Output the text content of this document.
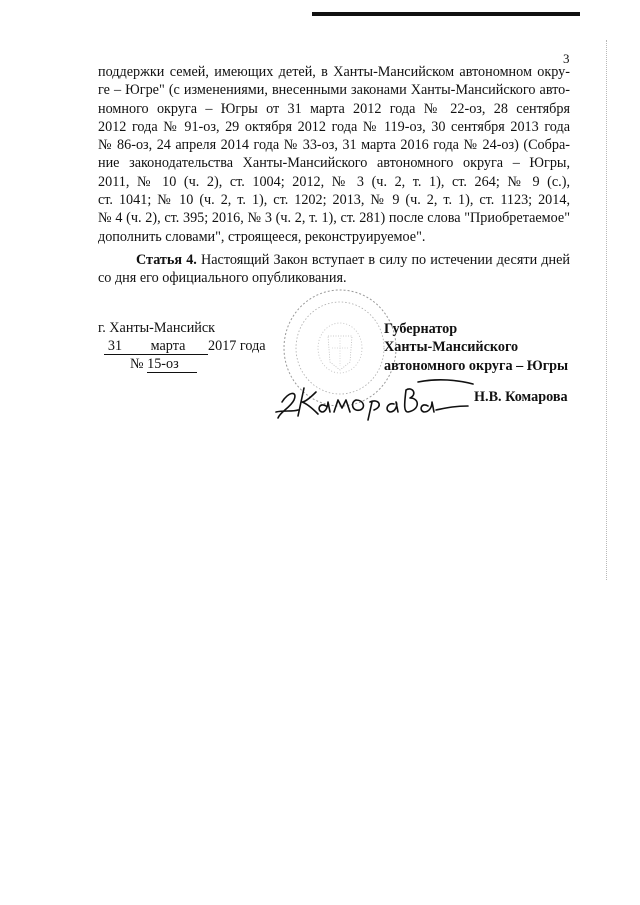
3

поддержки семей, имеющих детей, в Ханты-Мансийском автономном окру-
ге – Югре" (с изменениями, внесенными законами Ханты-Мансийского авто-
номного округа – Югры от 31 марта 2012 года № 22-оз, 28 сентября
2012 года № 91-оз, 29 октября 2012 года № 119-оз, 30 сентября 2013 года
№ 86-оз, 24 апреля 2014 года № 33-оз, 31 марта 2016 года № 24-оз) (Собра-
ние законодательства Ханты-Мансийского автономного округа – Югры,
2011, № 10 (ч. 2), ст. 1004; 2012, № 3 (ч. 2, т. 1), ст. 264; № 9 (с.),
ст. 1041; № 10 (ч. 2, т. 1), ст. 1202; 2013, № 9 (ч. 2, т. 1), ст. 1123; 2014,
№ 4 (ч. 2), ст. 395; 2016, № 3 (ч. 2, т. 1), ст. 281) после слова "Приобретаемое"
дополнить словами", строящееся, реконструируемое".

Статья 4. Настоящий Закон вступает в силу по истечении десяти дней
со дня его официального опубликования.

г. Ханты-Мансийск
31 марта 2017 года
№ 15-оз
Губернатор
Ханты-Мансийского
автономного округа – Югры
Н.В. Комарова
